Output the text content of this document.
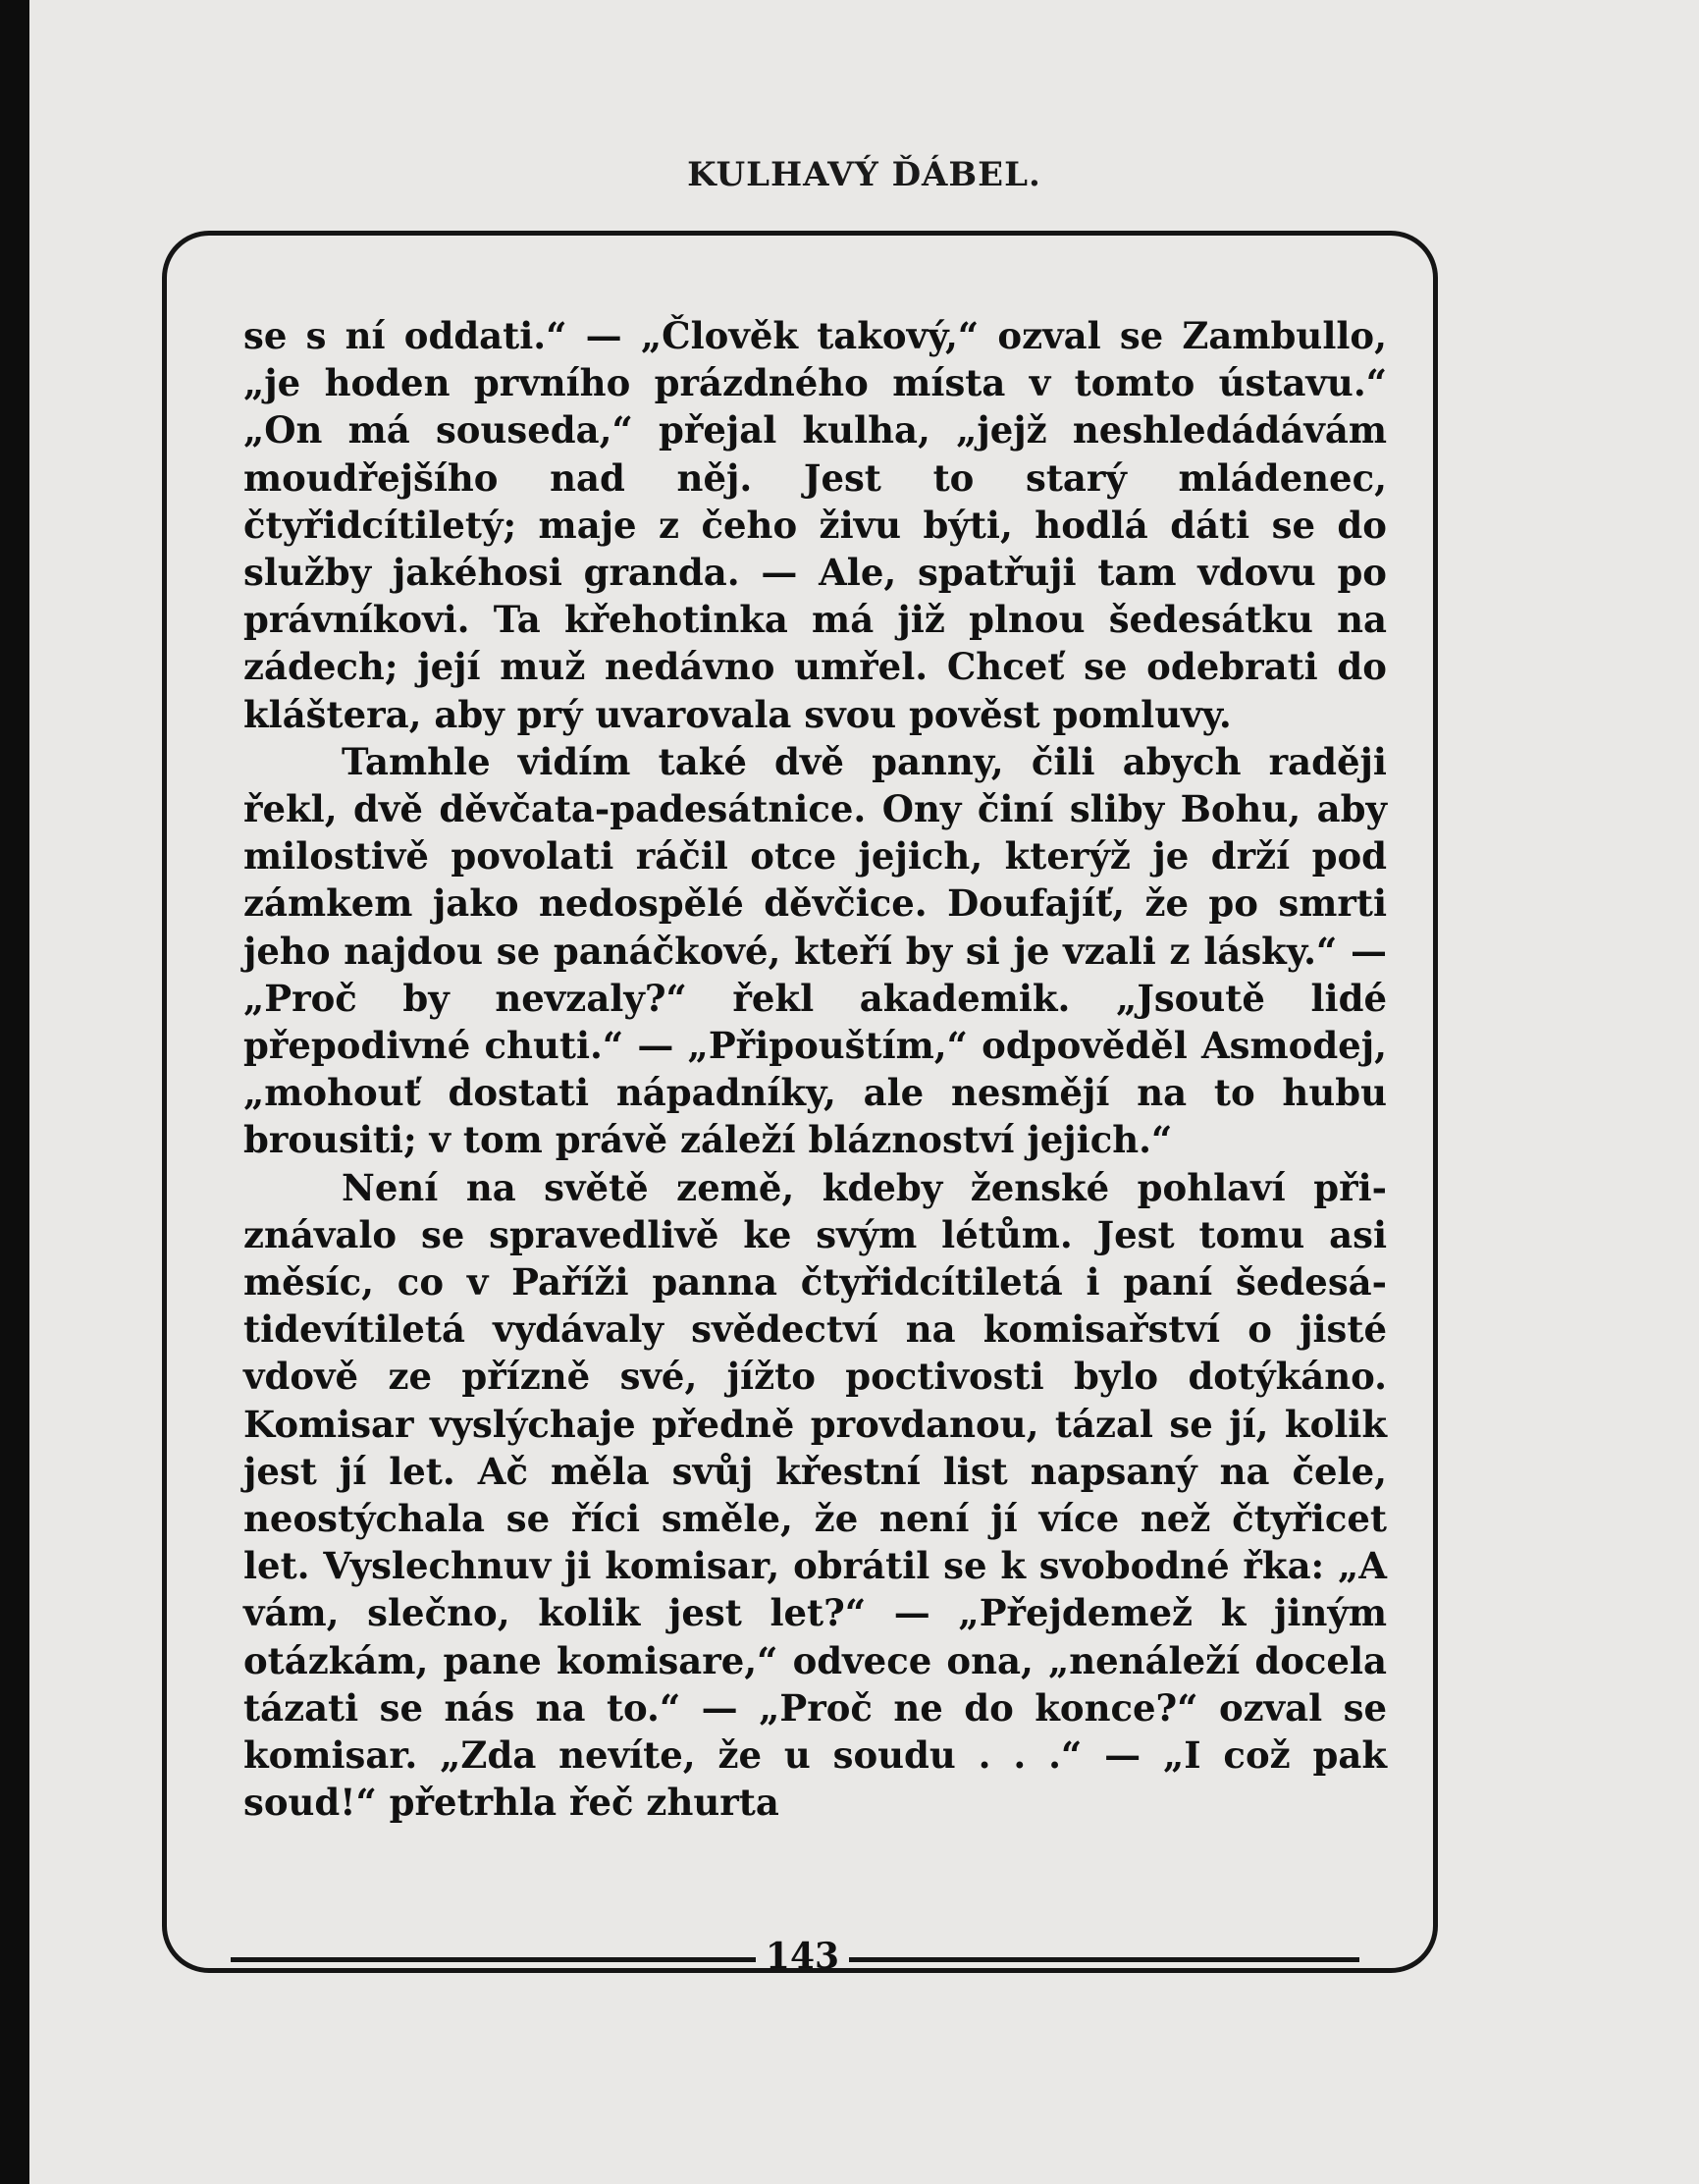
KULHAVÝ ĎÁBEL.

se s ní oddati.“ — „Člověk takový,“ ozval se Zambullo, „je hoden prvního prázdného místa v tomto ústavu.“ „On má souseda,“ přejal kulha, „jejž neshledádávám moudřejšího nad něj. Jest to starý mládenec, čtyřidcítiletý; maje z čeho živu býti, hodlá dáti se do služby jakéhosi granda. — Ale, spatřuji tam vdovu po právníkovi. Ta křehotinka má již plnou šedesátku na zádech; její muž nedávno umřel. Chceť se odebrati do kláštera, aby prý uvarovala svou pověst pomluvy.

Tamhle vidím také dvě panny, čili abych raději řekl, dvě děvčata-padesátnice. Ony činí sliby Bohu, aby milostivě povolati ráčil otce jejich, kterýž je drží pod zámkem jako nedospělé děvčice. Doufajíť, že po smrti jeho najdou se panáčkové, kteří by si je vzali z lásky.“ — „Proč by nevzaly?“ řekl akademik. „Jsoutě lidé přepodivné chuti.“ — „Připouštím,“ odpověděl Asmodej, „mohouť dostati nápadníky, ale nesmějí na to hubu brousiti; v tom právě záleží bláznoství jejich.“

Není na světě země, kdeby ženské pohlaví přiznávalo se spravedlivě ke svým létům. Jest tomu asi měsíc, co v Paříži panna čtyřidcítiletá i paní šedesátidevítiletá vydávaly svědectví na komisařství o jisté vdově ze přízně své, jížto poctivosti bylo dotýkáno. Komisar vyslýchaje předně provdanou, tázal se jí, kolik jest jí let. Ač měla svůj křestní list napsaný na čele, neostýchala se říci směle, že není jí více než čtyřicet let. Vyslechnuv ji komisar, obrátil se k svobodné řka: „A vám, slečno, kolik jest let?“ — „Přejdemež k jiným otázkám, pane komisare,“ odvece ona, „nenáleží docela tázati se nás na to.“ — „Proč ne do konce?“ ozval se komisar. „Zda nevíte, že u soudu . . .“ — „I což pak soud!“ přetrhla řeč zhurta

143
